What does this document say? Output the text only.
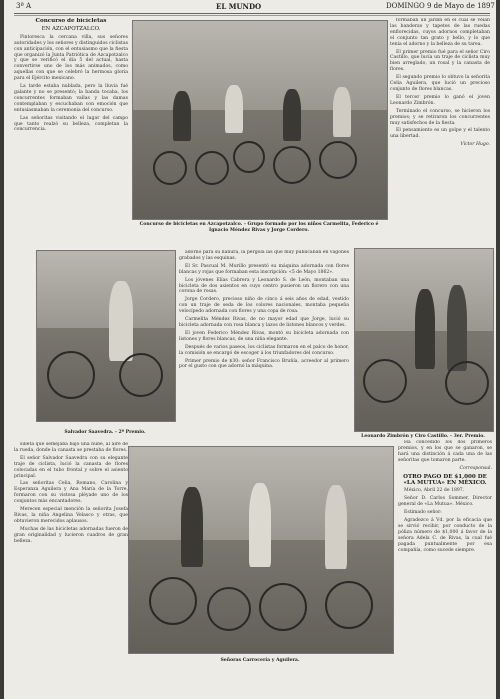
3ª A	EL MUNDO	DOMINGO 9 de Mayo de 1897

Concurso de bicicletas

EN AZCAPOTZALCO.

Pintoresca la cercana villa, sus señores autoridades y los señores y distinguidos ciclistas con anticipación, con el entusiasmo que la fiesta que organizó la Junta Patriótica de Azcapotzalco y que se verificó el día 5 del actual, hasta convertirse uno de los más animados, como aquellas con que se celebró la hermosa gloria para el Ejército mexicano.

La tarde estaba nublada, pero la lluvia fué galante y no se presentó; la banda tocaba, los concurrentes formaban vallas y las damas contemplaban y escuchaban con emoción que entusiasmaban la ceremonia del concurso.

Las señoritas visitando el lugar del campo que tanto realzó su belleza, completan la concurrencia.

Concurso de bicicletas en Azcapotzalco. - Grupo formado por los niños Carmelita, Federico é Ignacio Méndez Rivas y Jorge Cordero.

formaban un jardín en el cual se veían las banderas y tapetes de las ruedas enflorecidas, cuyos adornos completaban el conjunto tan grato y bello, y lo que tenía el adorno y la belleza de su tarea.

El primer premio fué para el señor Ciro Castillo, que lucía un traje de ciclista muy bien arreglado, un rosal y la canasta de flores.

El segundo premio lo obtuvo la señorita Celia Aguilera, que lució un precioso conjunto de flores blancas.

El tercer premio lo ganó el joven Leonardo Zimbrón.

Terminado el concurso, se hicieron los premios; y se retiraron los concurrentes muy satisfechos de la fiesta.

El pensamiento es un golpe y el talento una libertad.

Víctor Hugo.

Salvador Saavedra. - 2º Premio.

adorno para su llanura, la pérgola las que muy publicaban en vagones grabados y las esquinas.

El Sr. Pascual M. Murillo presentó su máquina adornada con flores blancas y rojas que formaban esta inscripción: «5 de Mayo 1862».

Los jóvenes Elías Cabrera y Leonardo S. de León, montaban una bicicleta de dos asientos en cuyo centro pusieron un florero con una corona de rosas.

Jorge Cordero, precioso niño de cinco á seis años de edad, vestido con un traje de seda de los colores nacionales, montaba pequeña velocípedo adornada con flores y una copa de rosa.

Carmelita Méndez Rivas, de no mayor edad que Jorge, lució su bicicleta adornada con rosa blanca y lazos de listones blancos y verdes.

El joven Federico Méndez Rivas, montó su bicicleta adornada con listones y flores blancas, de una niña elegante.

Después de varios paseos, los ciclistas formaron en el palco de honor, la comisión se encargó de escoger á los triunfadores del concurso.

Primer premio de $30: señor Francisco Bruñía, acreedor al primero por el gusto con que adornó la máquina.

Leonardo Zimbrón y Ciro Castillo. - 3er. Premio.

silleta que semejaba bajo una nube, al aire de la rueda, donde la canasta se prestaba de flores.

El señor Salvador Saavedra con su elegante traje de ciclista, lució la canasta de flores colocadas en el tubo frontal y sobre el asiento principal.

Las señoritas Celia, Romano, Carolina y Esperanza Aguilera y Ana María de la Torre, formaron con su vistosa pléyade uno de los conjuntos más encantadores.

Merecen especial mención la señorita Josefa Rivas, la niña Angelina Velasco y otras, que obtuvieron merecidos aplausos.

Muchas de las bicicletas adornadas fueron de gran originalidad y lucieron cuadros de gran belleza.

Señoras Carrocería y Aguilera.

Ha concedido los dos primeros premios, y en los que se ganaron, se hará una distinción á cada una de las señoritas que tomaron parte.

Corresponsal.

OTRO PAGO DE $1,000 DE «LA MUTUA» EN MÉXICO.

México, Abril 22 de 1897.

Señor D. Carlos Sommer, Director general de «La Mutua». México.

Estimado señor:

Agradezco á Vd. por la eficacia que se sirvió recibir, por conducto de la póliza número de $1,000 á favor de la señora Adela C. de Rivas, la cual fué pagada puntualmente por esa compañía, como sucede siempre.
